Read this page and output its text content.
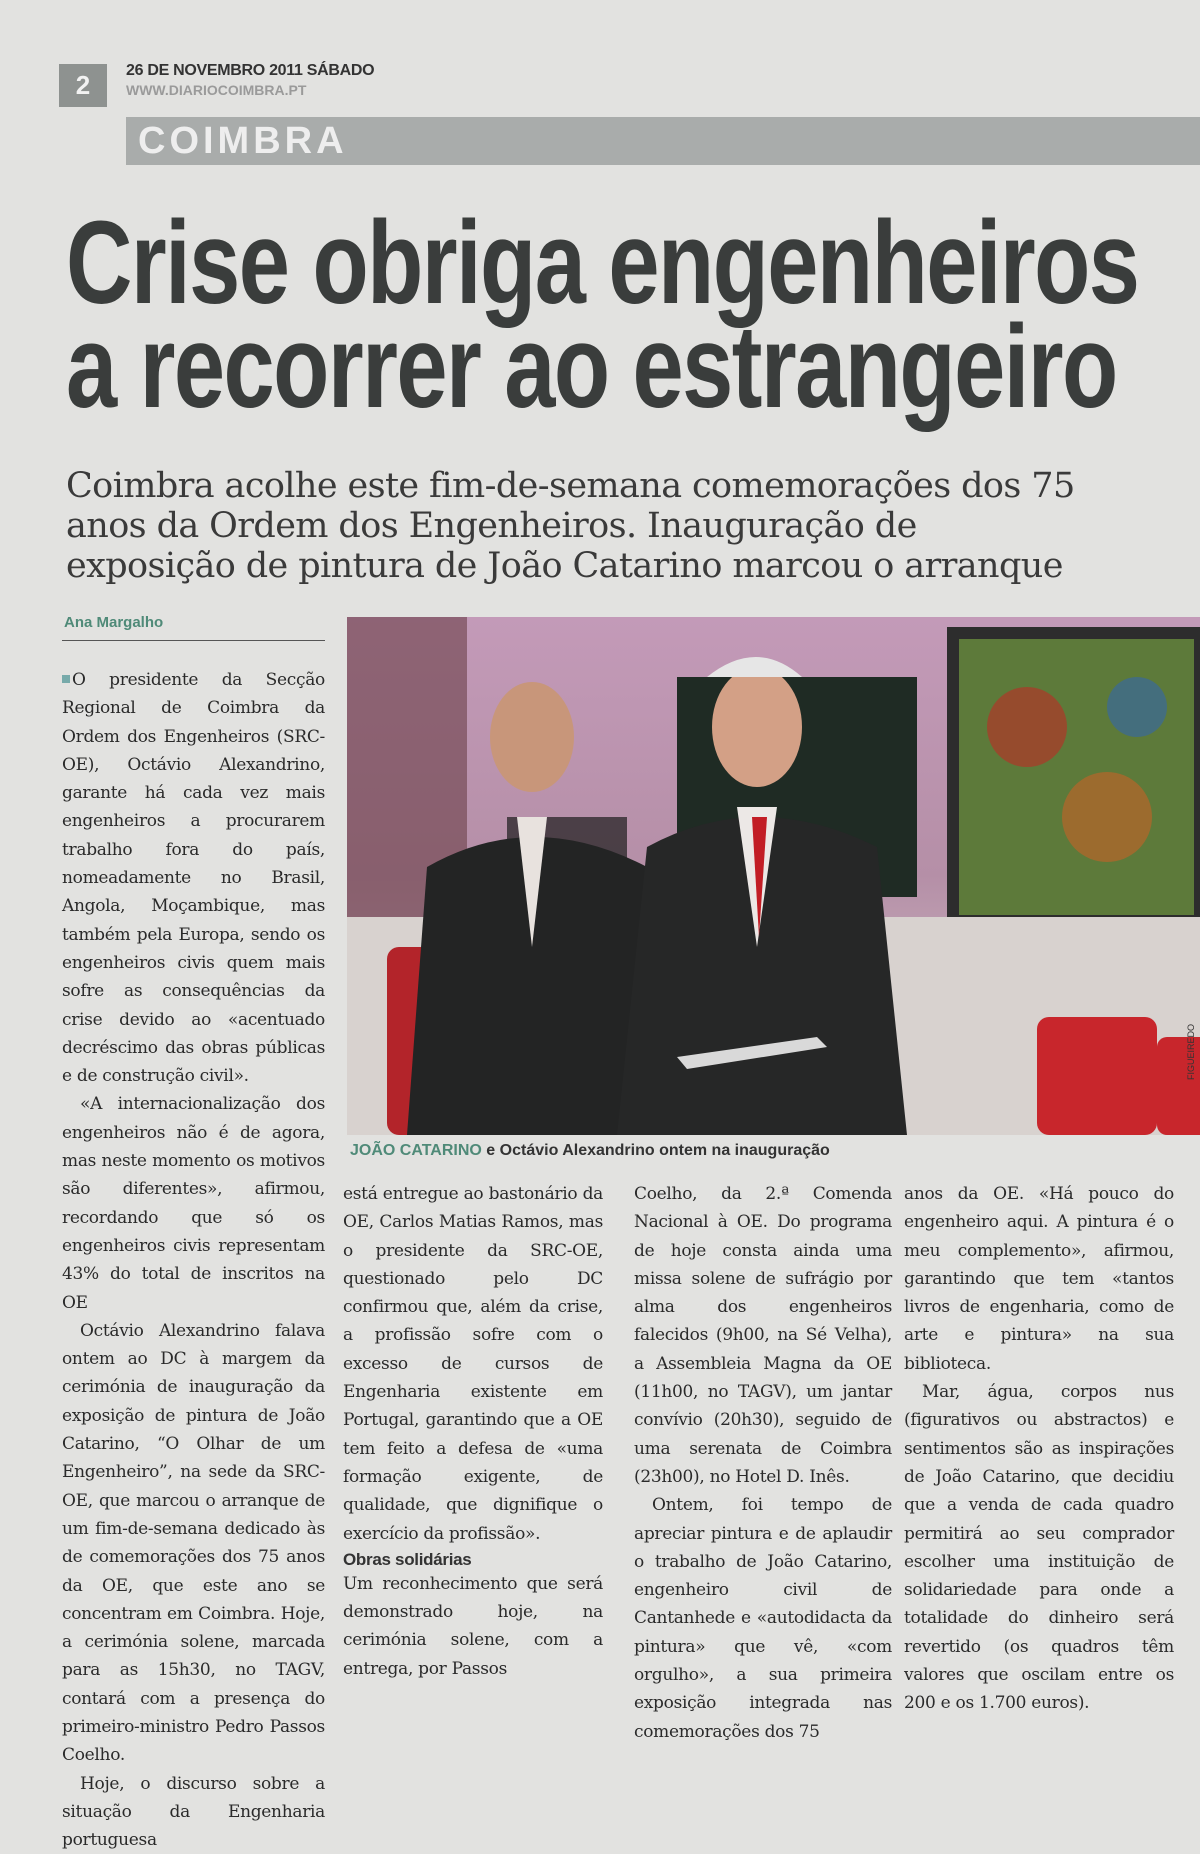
2	26 DE NOVEMBRO 2011 SÁBADO
WWW.DIARIOCOIMBRA.PT
COIMBRA
Crise obriga engenheiros
a recorrer ao estrangeiro
Coimbra acolhe este fim-de-semana comemorações dos 75 anos da Ordem dos Engenheiros. Inauguração de exposição de pintura de João Catarino marcou o arranque
Ana Margalho
FIGUEIREDO
JOÃO CATARINO e Octávio Alexandrino ontem na inauguração

O presidente da Secção Regional de Coimbra da Ordem dos Engenheiros (SRC-OE), Octávio Alexandrino, garante há cada vez mais engenheiros a procurarem trabalho fora do país, nomeadamente no Brasil, Angola, Moçambique, mas também pela Europa, sendo os engenheiros civis quem mais sofre as consequências da crise devido ao «acentuado decréscimo das obras públicas e de construção civil».

«A internacionalização dos engenheiros não é de agora, mas neste momento os motivos são diferentes», afirmou, recordando que só os engenheiros civis representam 43% do total de inscritos na OE

Octávio Alexandrino falava ontem ao DC à margem da cerimónia de inauguração da exposição de pintura de João Catarino, “O Olhar de um Engenheiro”, na sede da SRC-OE, que marcou o arranque de um fim-de-semana dedicado às de comemorações dos 75 anos da OE, que este ano se concentram em Coimbra. Hoje, a cerimónia solene, marcada para as 15h30, no TAGV, contará com a presença do primeiro-ministro Pedro Passos Coelho.

Hoje, o discurso sobre a situação da Engenharia portuguesa

está entregue ao bastonário da OE, Carlos Matias Ramos, mas o presidente da SRC-OE, questionado pelo DC confirmou que, além da crise, a profissão sofre com o excesso de cursos de Engenharia existente em Portugal, garantindo que a OE tem feito a defesa de «uma formação exigente, de qualidade, que dignifique o exercício da profissão».

Obras solidárias

Um reconhecimento que será demonstrado hoje, na cerimónia solene, com a entrega, por Passos

Coelho, da 2.ª Comenda Nacional à OE. Do programa de hoje consta ainda uma missa solene de sufrágio por alma dos engenheiros falecidos (9h00, na Sé Velha), a Assembleia Magna da OE (11h00, no TAGV), um jantar convívio (20h30), seguido de uma serenata de Coimbra (23h00), no Hotel D. Inês.

Ontem, foi tempo de apreciar pintura e de aplaudir o trabalho de João Catarino, engenheiro civil de Cantanhede e «autodidacta da pintura» que vê, «com orgulho», a sua primeira exposição integrada nas comemorações dos 75

anos da OE. «Há pouco do engenheiro aqui. A pintura é o meu complemento», afirmou, garantindo que tem «tantos livros de engenharia, como de arte e pintura» na sua biblioteca.

Mar, água, corpos nus (figurativos ou abstractos) e sentimentos são as inspirações de João Catarino, que decidiu que a venda de cada quadro permitirá ao seu comprador escolher uma instituição de solidariedade para onde a totalidade do dinheiro será revertido (os quadros têm valores que oscilam entre os 200 e os 1.700 euros).
